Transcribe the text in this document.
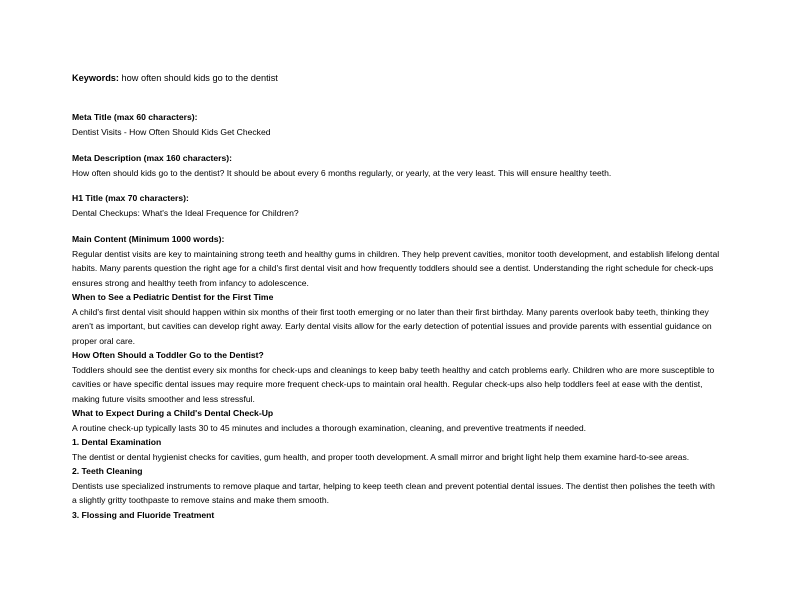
Keywords: how often should kids go to the dentist
Meta Title (max 60 characters):
Dentist Visits - How Often Should Kids Get Checked
Meta Description (max 160 characters):
How often should kids go to the dentist? It should be about every 6 months regularly, or yearly, at the very least. This will ensure healthy teeth.
H1 Title (max 70 characters):
Dental Checkups: What's the Ideal Frequence for Children?
Main Content (Minimum 1000 words):
Regular dentist visits are key to maintaining strong teeth and healthy gums in children. They help prevent cavities, monitor tooth development, and establish lifelong dental habits. Many parents question the right age for a child's first dental visit and how frequently toddlers should see a dentist. Understanding the right schedule for check-ups ensures strong and healthy teeth from infancy to adolescence.
When to See a Pediatric Dentist for the First Time
A child's first dental visit should happen within six months of their first tooth emerging or no later than their first birthday. Many parents overlook baby teeth, thinking they aren't as important, but cavities can develop right away. Early dental visits allow for the early detection of potential issues and provide parents with essential guidance on proper oral care.
How Often Should a Toddler Go to the Dentist?
Toddlers should see the dentist every six months for check-ups and cleanings to keep baby teeth healthy and catch problems early. Children who are more susceptible to cavities or have specific dental issues may require more frequent check-ups to maintain oral health. Regular check-ups also help toddlers feel at ease with the dentist, making future visits smoother and less stressful.
What to Expect During a Child's Dental Check-Up
A routine check-up typically lasts 30 to 45 minutes and includes a thorough examination, cleaning, and preventive treatments if needed.
1. Dental Examination
The dentist or dental hygienist checks for cavities, gum health, and proper tooth development. A small mirror and bright light help them examine hard-to-see areas.
2. Teeth Cleaning
Dentists use specialized instruments to remove plaque and tartar, helping to keep teeth clean and prevent potential dental issues. The dentist then polishes the teeth with a slightly gritty toothpaste to remove stains and make them smooth.
3. Flossing and Fluoride Treatment
